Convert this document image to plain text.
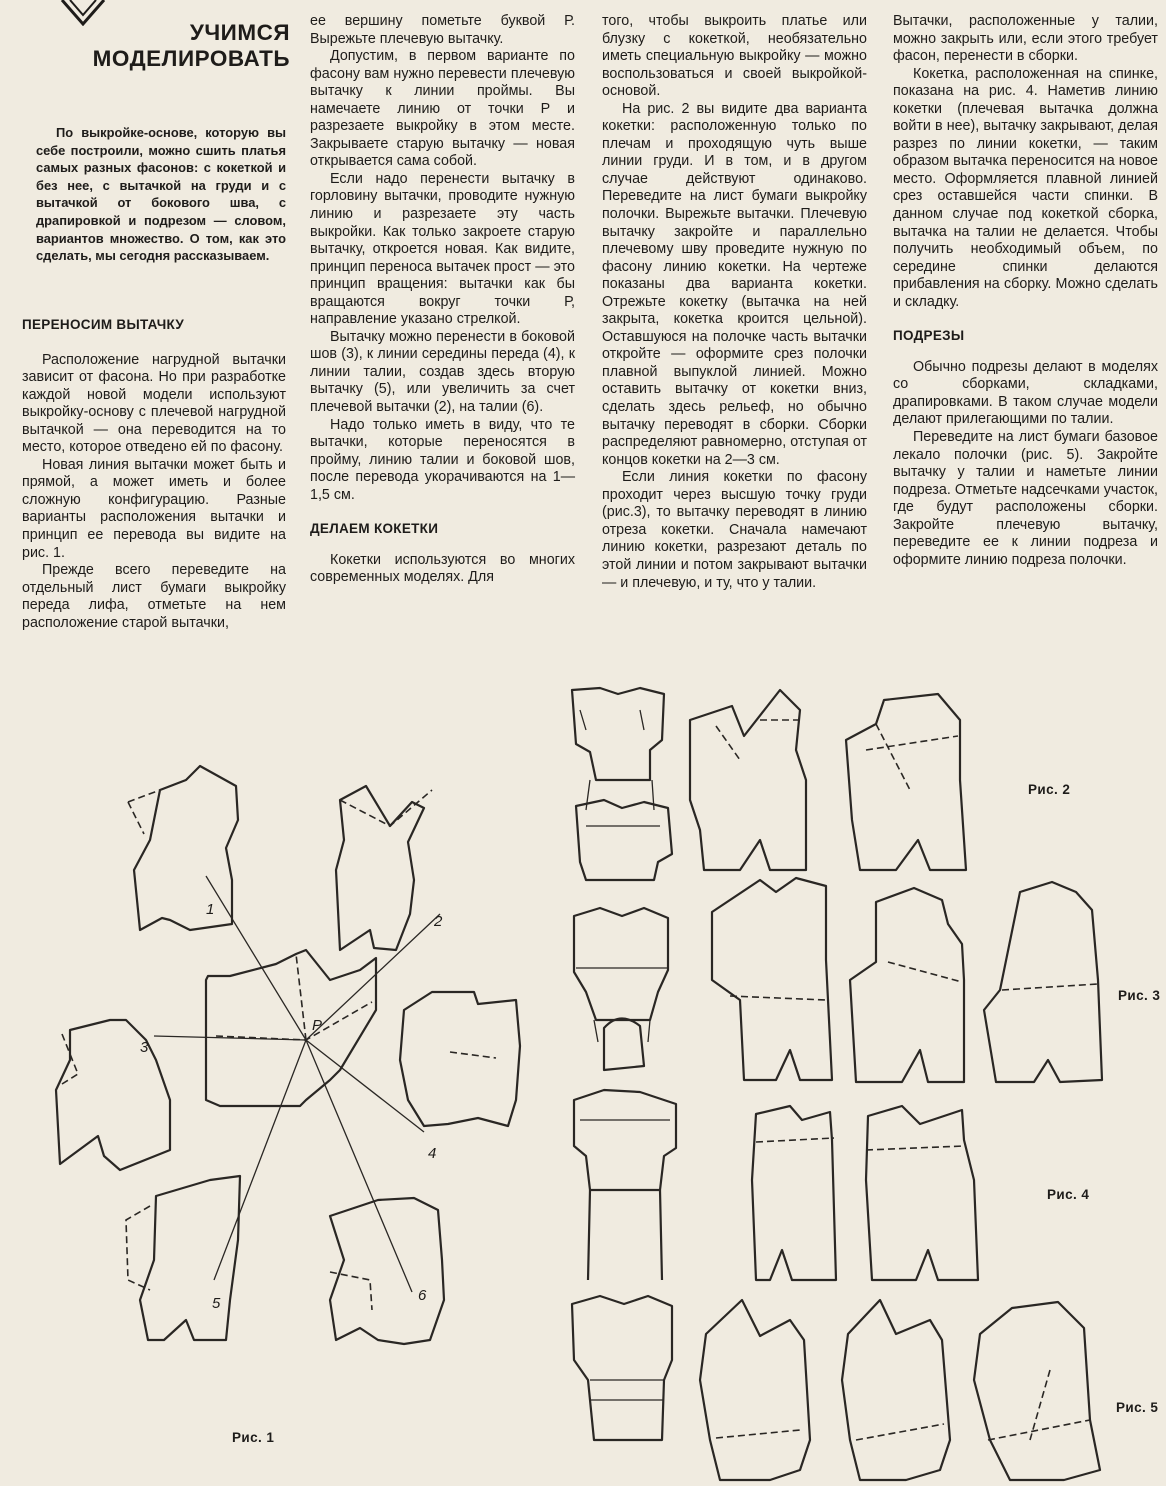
УЧИМСЯ
МОДЕЛИРОВАТЬ

По выкройке-основе, которую вы себе построили, можно сшить платья самых разных фасонов: с кокеткой и без нее, с вытачкой на груди и с вытачкой от бокового шва, с драпировкой и подрезом — словом, вариантов множество. О том, как это сделать, мы сегодня рассказываем.

ПЕРЕНОСИМ ВЫТАЧКУ

Расположение нагрудной вытачки зависит от фасона. Но при разработке каждой новой модели используют выкройку-основу с плечевой нагрудной вытачкой — она переводится на то место, которое отведено ей по фасону.

Новая линия вытачки может быть и прямой, а может иметь и более сложную конфигурацию. Разные варианты расположения вытачки и принцип ее перевода вы видите на рис. 1.

Прежде всего переведите на отдельный лист бумаги выкройку переда лифа, отметьте на нем расположение старой вытачки,

ее вершину пометьте буквой Р. Вырежьте плечевую вытачку.

Допустим, в первом варианте по фасону вам нужно перевести плечевую вытачку к линии проймы. Вы намечаете линию от точки Р и разрезаете выкройку в этом месте. Закрываете старую вытачку — новая открывается сама собой.

Если надо перенести вытачку в горловину вытачки, проводите нужную линию и разрезаете эту часть выкройки. Как только закроете старую вытачку, откроется новая. Как видите, принцип переноса вытачек прост — это принцип вращения: вытачки как бы вращаются вокруг точки Р, направление указано стрелкой.

Вытачку можно перенести в боковой шов (3), к линии середины переда (4), к линии талии, создав здесь вторую вытачку (5), или увеличить за счет плечевой вытачки (2), на талии (6).

Надо только иметь в виду, что те вытачки, которые переносятся в пройму, линию талии и боковой шов, после перевода укорачиваются на 1—1,5 см.

ДЕЛАЕМ КОКЕТКИ

Кокетки используются во многих современных моделях. Для

того, чтобы выкроить платье или блузку с кокеткой, необязательно иметь специальную выкройку — можно воспользоваться и своей выкройкой-основой.

На рис. 2 вы видите два варианта кокетки: расположенную только по плечам и проходящую чуть выше линии груди. И в том, и в другом случае действуют одинаково. Переведите на лист бумаги выкройку полочки. Вырежьте вытачки. Плечевую вытачку закройте и параллельно плечевому шву проведите нужную по фасону линию кокетки. На чертеже показаны два варианта кокетки. Отрежьте кокетку (вытачка на ней закрыта, кокетка кроится цельной). Оставшуюся на полочке часть вытачки откройте — оформите срез полочки плавной выпуклой линией. Можно оставить вытачку от кокетки вниз, сделать здесь рельеф, но обычно вытачку переводят в сборки. Сборки распределяют равномерно, отступая от концов кокетки на 2—3 см.

Если линия кокетки по фасону проходит через высшую точку груди (рис.3), то вытачку переводят в линию отреза кокетки. Сначала намечают линию кокетки, разрезают деталь по этой линии и потом закрывают вытачки — и плечевую, и ту, что у талии.

Вытачки, расположенные у талии, можно закрыть или, если этого требует фасон, перенести в сборки.

Кокетка, расположенная на спинке, показана на рис. 4. Наметив линию кокетки (плечевая вытачка должна войти в нее), вытачку закрывают, делая разрез по линии кокетки, — таким образом вытачка переносится на новое место. Оформляется плавной линией срез оставшейся части спинки. В данном случае под кокеткой сборка, вытачка на талии не делается. Чтобы получить необходимый объем, по середине спинки делаются прибавления на сборку. Можно сделать и складку.

ПОДРЕЗЫ

Обычно подрезы делают в моделях со сборками, складками, драпировками. В таком случае модели делают прилегающими по талии.

Переведите на лист бумаги базовое лекало полочки (рис. 5). Закройте вытачку у талии и наметьте линии подреза. Отметьте надсечками участок, где будут расположены сборки. Закройте плечевую вытачку, переведите ее к линии подреза и оформите линию подреза полочки.

Рис. 1
Рис. 2
Рис. 3
Рис. 4
Рис. 5
1
2
3
4
5	6
Р
